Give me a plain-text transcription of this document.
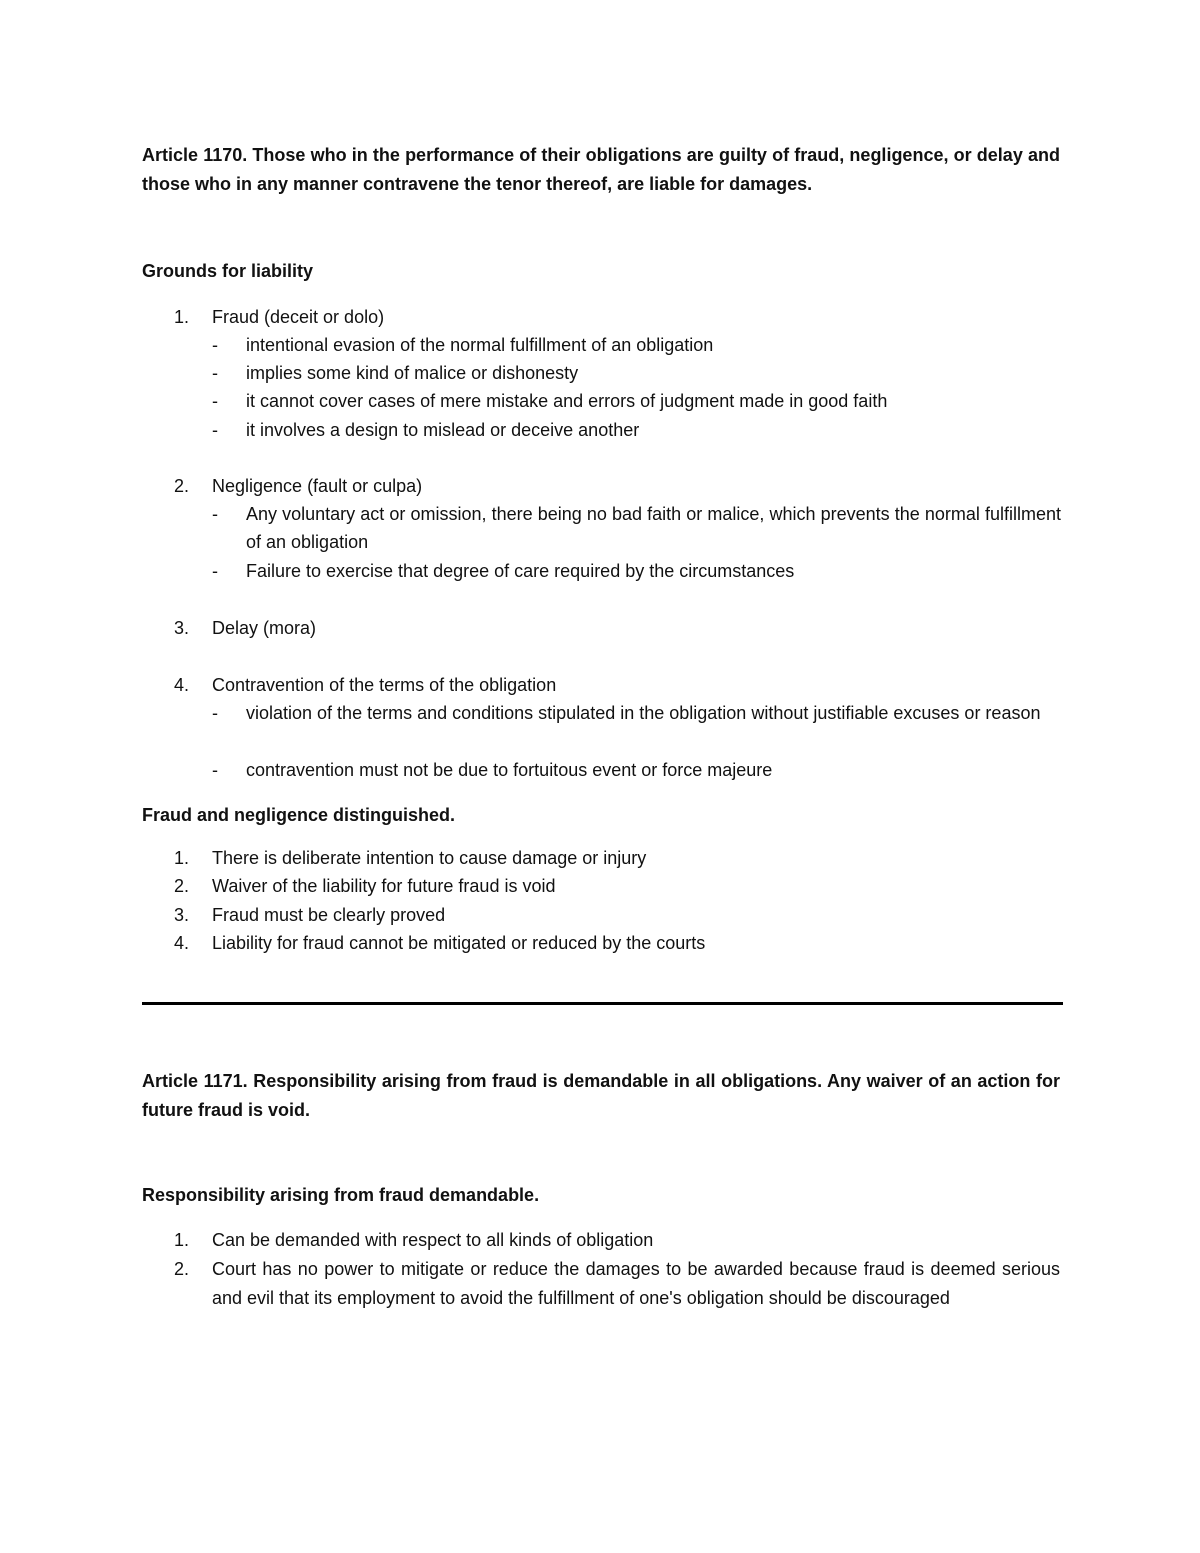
Article 1170. Those who in the performance of their obligations are guilty of fraud, negligence, or delay and those who in any manner contravene the tenor thereof, are liable for damages.
Grounds for liability
1. Fraud (deceit or dolo)
- intentional evasion of the normal fulfillment of an obligation
- implies some kind of malice or dishonesty
- it cannot cover cases of mere mistake and errors of judgment made in good faith
- it involves a design to mislead or deceive another
2. Negligence (fault or culpa)
- Any voluntary act or omission, there being no bad faith or malice, which prevents the normal fulfillment of an obligation
- Failure to exercise that degree of care required by the circumstances
3. Delay (mora)
4. Contravention of the terms of the obligation
- violation of the terms and conditions stipulated in the obligation without justifiable excuses or reason
- contravention must not be due to fortuitous event or force majeure
Fraud and negligence distinguished.
1. There is deliberate intention to cause damage or injury
2. Waiver of the liability for future fraud is void
3. Fraud must be clearly proved
4. Liability for fraud cannot be mitigated or reduced by the courts
Article 1171. Responsibility arising from fraud is demandable in all obligations. Any waiver of an action for future fraud is void.
Responsibility arising from fraud demandable.
1. Can be demanded with respect to all kinds of obligation
2. Court has no power to mitigate or reduce the damages to be awarded because fraud is deemed serious and evil that its employment to avoid the fulfillment of one's obligation should be discouraged
